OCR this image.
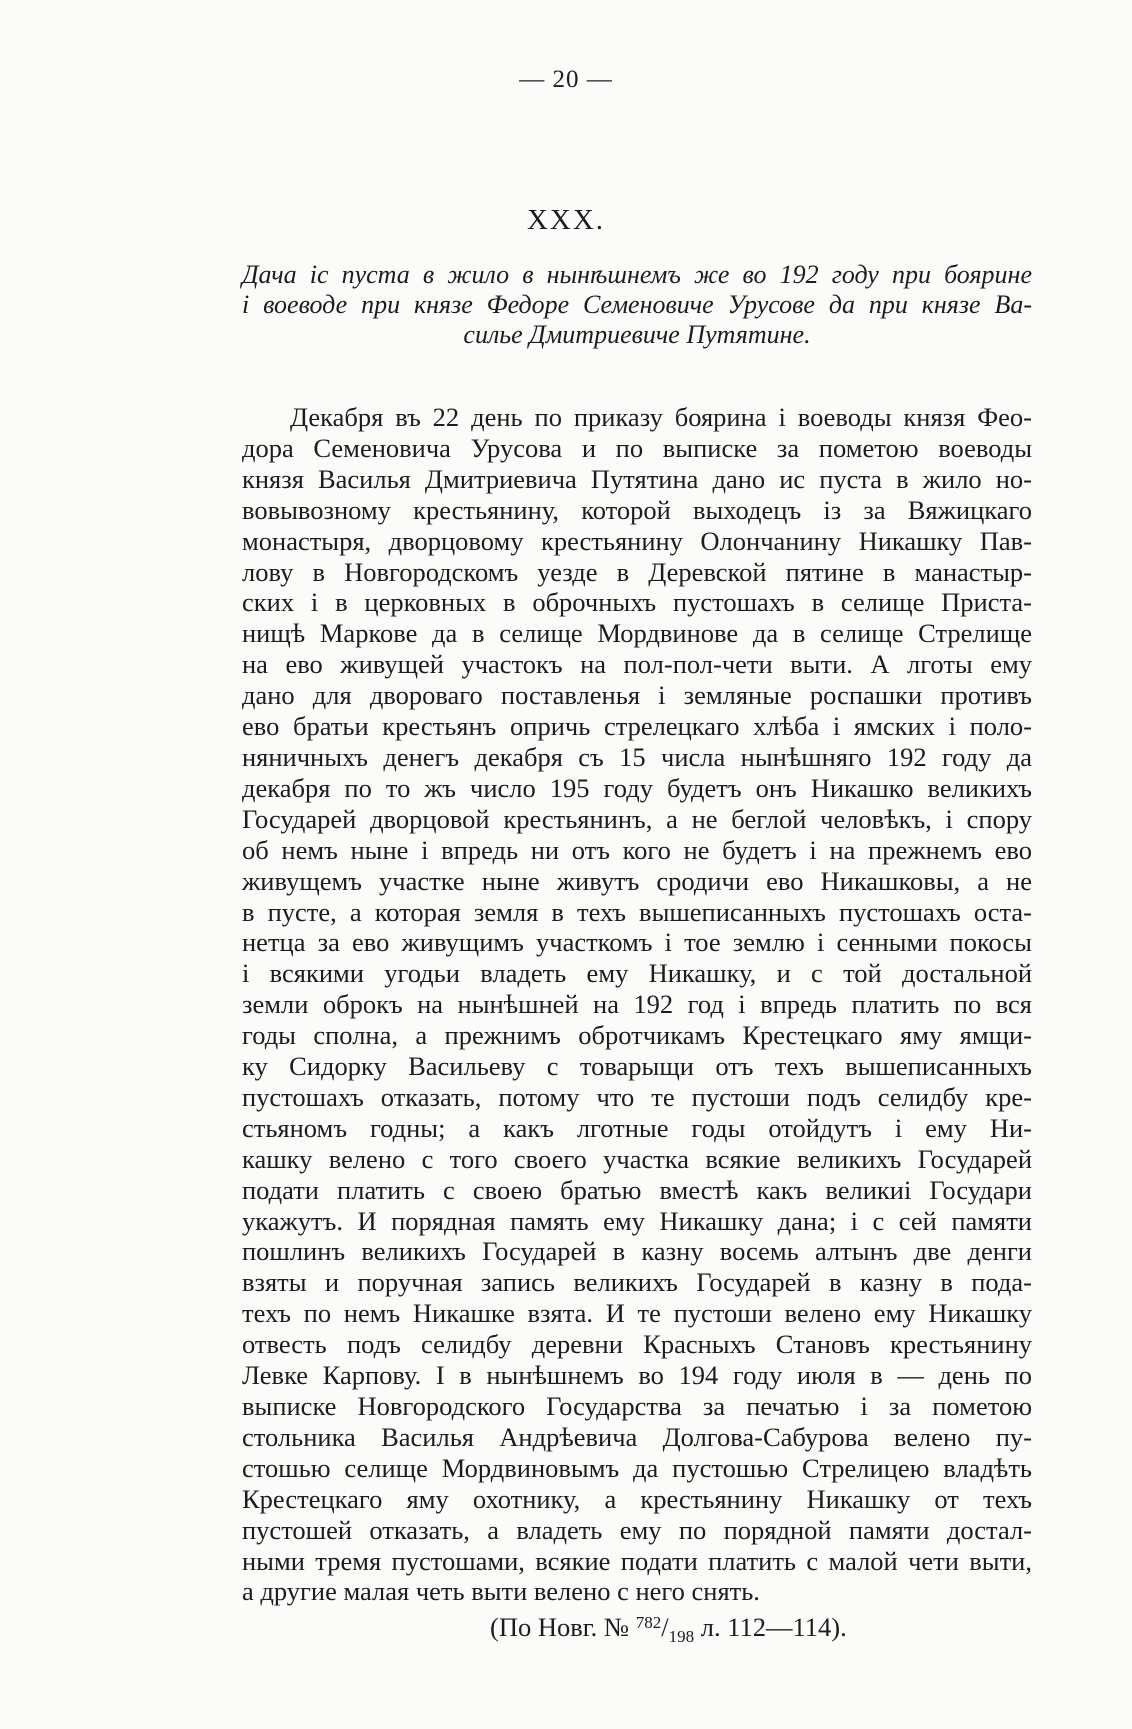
— 20 —
XXX.
Дача іс пуста в жило в нынѣшнемъ же во 192 году при боярине
і воеводе при князе Федоре Семеновиче Урусове да при князе Ва-
силье Дмитриевиче Путятине.
Декабря въ 22 день по приказу боярина і воеводы князя Фео-
дора Семеновича Урусова и по выписке за пометою воеводы
князя Василья Дмитриевича Путятина дано ис пуста в жило но-
вовывозному крестьянину, которой выходецъ із за Вяжицкаго
монастыря, дворцовому крестьянину Олончанину Никашку Пав-
лову в Новгородскомъ уезде в Деревской пятине в манастыр-
ских і в церковных в оброчныхъ пустошахъ в селище Приста-
нищѣ Маркове да в селище Мордвинове да в селище Стрелище
на ево живущей участокъ на пол-пол-чети выти. А лготы ему
дано для двороваго поставленья і земляные роспашки противъ
ево братьи крестьянъ опричь стрелецкаго хлѣба і ямских і поло-
няничныхъ денегъ декабря съ 15 числа нынѣшняго 192 году да
декабря по то жъ число 195 году будетъ онъ Никашко великихъ
Государей дворцовой крестьянинъ, а не беглой человѣкъ, і спору
об немъ ныне і впредь ни отъ кого не будетъ і на прежнемъ ево
живущемъ участке ныне живутъ сродичи ево Никашковы, а не
в пусте, а которая земля в техъ вышеписанныхъ пустошахъ оста-
нетца за ево живущимъ участкомъ і тое землю і сенными покосы
і всякими угодьи владеть ему Никашку, и с той достальной
земли оброкъ на нынѣшней на 192 год і впредь платить по вся
годы сполна, а прежнимъ обротчикамъ Крестецкаго яму ямщи-
ку Сидорку Васильеву с товарыщи отъ техъ вышеписанныхъ
пустошахъ отказать, потому что те пустоши подъ селидбу кре-
стьяномъ годны; а какъ лготные годы отойдутъ і ему Ни-
кашку велено с того своего участка всякие великихъ Государей
подати платить с своею братью вместѣ какъ великиі Государи
укажутъ. И порядная память ему Никашку дана; і с сей памяти
пошлинъ великихъ Государей в казну восемь алтынъ две денги
взяты и поручная запись великихъ Государей в казну в пода-
техъ по немъ Никашке взята. И те пустоши велено ему Никашку
отвесть подъ селидбу деревни Красныхъ Становъ крестьянину
Левке Карпову. І в нынѣшнемъ во 194 году июля в — день по
выписке Новгородского Государства за печатью і за пометою
стольника Василья Андрѣевича Долгова-Сабурова велено пу-
стошью селище Мордвиновымъ да пустошью Стрелицею владѣть
Крестецкаго яму охотнику, а крестьянину Никашку от техъ
пустошей отказать, а владеть ему по порядной памяти достал-
ными тремя пустошами, всякие подати платить с малой чети выти,
а другие малая четь выти велено с него снять.
(По Новг. № $^{782}/_{198}$ л. 112—114).
